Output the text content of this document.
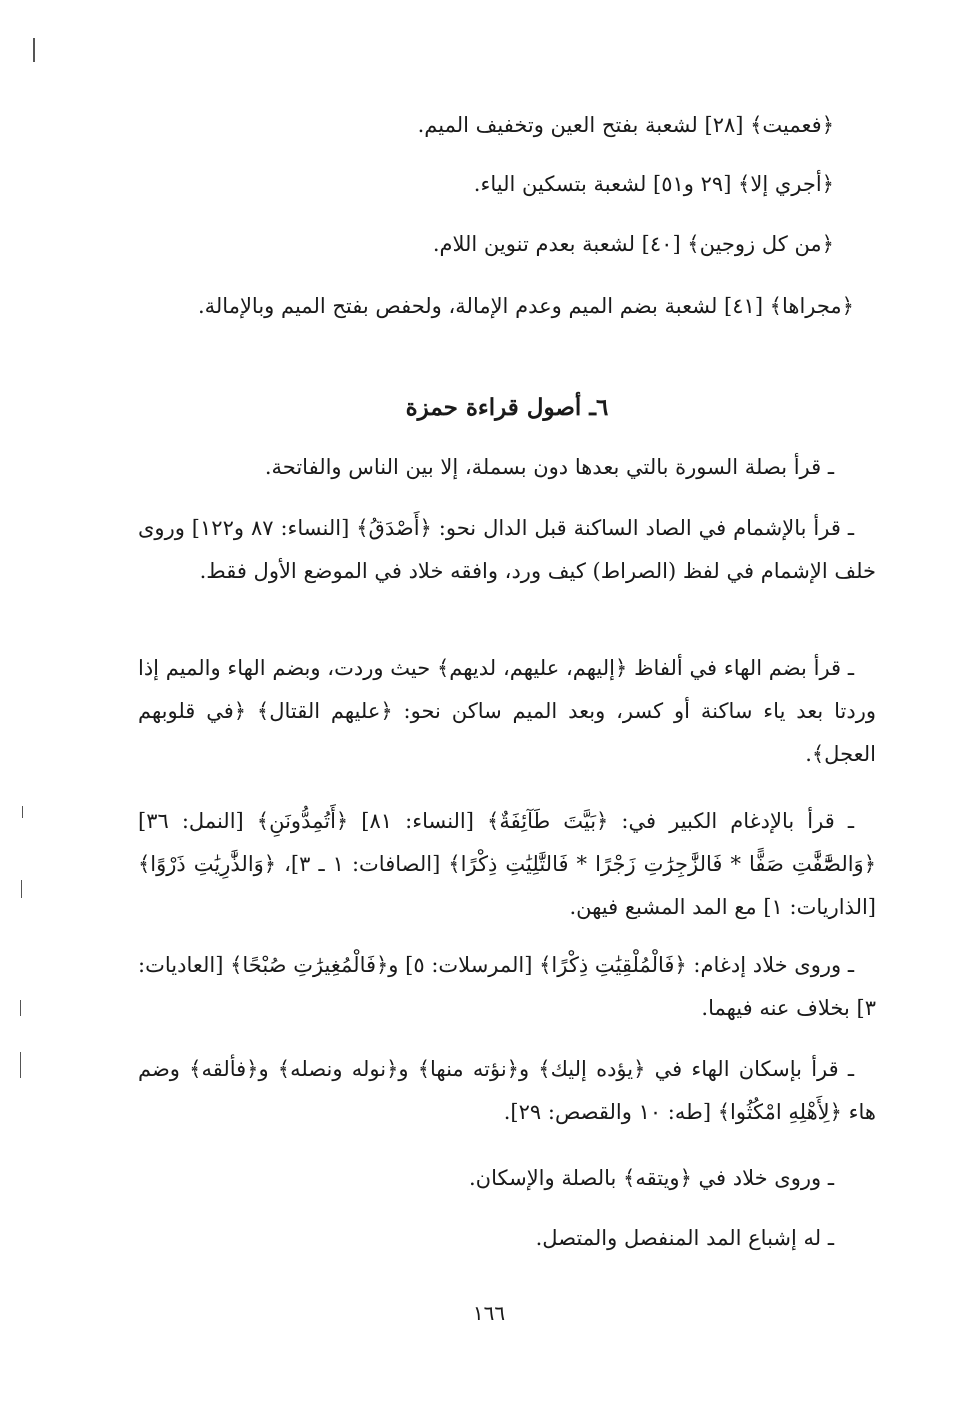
﴿فعميت﴾ [٢٨] لشعبة بفتح العين وتخفيف الميم.
﴿أجري إلا﴾ [٢٩ و٥١] لشعبة بتسكين الياء.
﴿من كل زوجين﴾ [٤٠] لشعبة بعدم تنوين اللام.
﴿مجراها﴾ [٤١] لشعبة بضم الميم وعدم الإمالة، ولحفص بفتح الميم وبالإمالة.
٦ـ أصول قراءة حمزة
ـ قرأ بصلة السورة بالتي بعدها دون بسملة، إلا بين الناس والفاتحة.
ـ قرأ بالإشمام في الصاد الساكنة قبل الدال نحو: ﴿أَصْدَقُ﴾ [النساء: ٨٧ و١٢٢] وروى خلف الإشمام في لفظ (الصراط) كيف ورد، وافقه خلاد في الموضع الأول فقط.
ـ قرأ بضم الهاء في ألفاظ ﴿إليهم، عليهم، لديهم﴾ حيث وردت، وبضم الهاء والميم إذا وردتا بعد ياء ساكنة أو كسر، وبعد الميم ساكن نحو: ﴿عليهم القتال﴾ ﴿في قلوبهم العجل﴾.
ـ قرأ بالإدغام الكبير في: ﴿بَيَّتَ طَآئِفَةٌ﴾ [النساء: ٨١] ﴿أَتُمِدُّونَنِ﴾ [النمل: ٣٦] ﴿وَالصَّٰٓفَّٰتِ صَفًّا * فَالزَّٰجِرَٰتِ زَجْرًا * فَالتَّٰلِيَٰتِ ذِكْرًا﴾ [الصافات: ١ ـ ٣]، ﴿وَالذَّٰرِيَٰتِ ذَرْوًا﴾ [الذاريات: ١] مع المد المشبع فيهن.
ـ وروى خلاد إدغام: ﴿فَالْمُلْقِيَٰتِ ذِكْرًا﴾ [المرسلات: ٥] و﴿فَالْمُغِيرَٰتِ صُبْحًا﴾ [العاديات: ٣] بخلاف عنه فيهما.
ـ قرأ بإسكان الهاء في ﴿يؤده إليك﴾ و﴿نؤته منها﴾ و﴿نوله ونصله﴾ و﴿فألقه﴾ وضم هاء ﴿لِأَهْلِهِ امْكُثُوا﴾ [طه: ١٠ والقصص: ٢٩].
ـ وروى خلاد في ﴿ويتقه﴾ بالصلة والإسكان.
ـ له إشباع المد المنفصل والمتصل.
١٦٦
